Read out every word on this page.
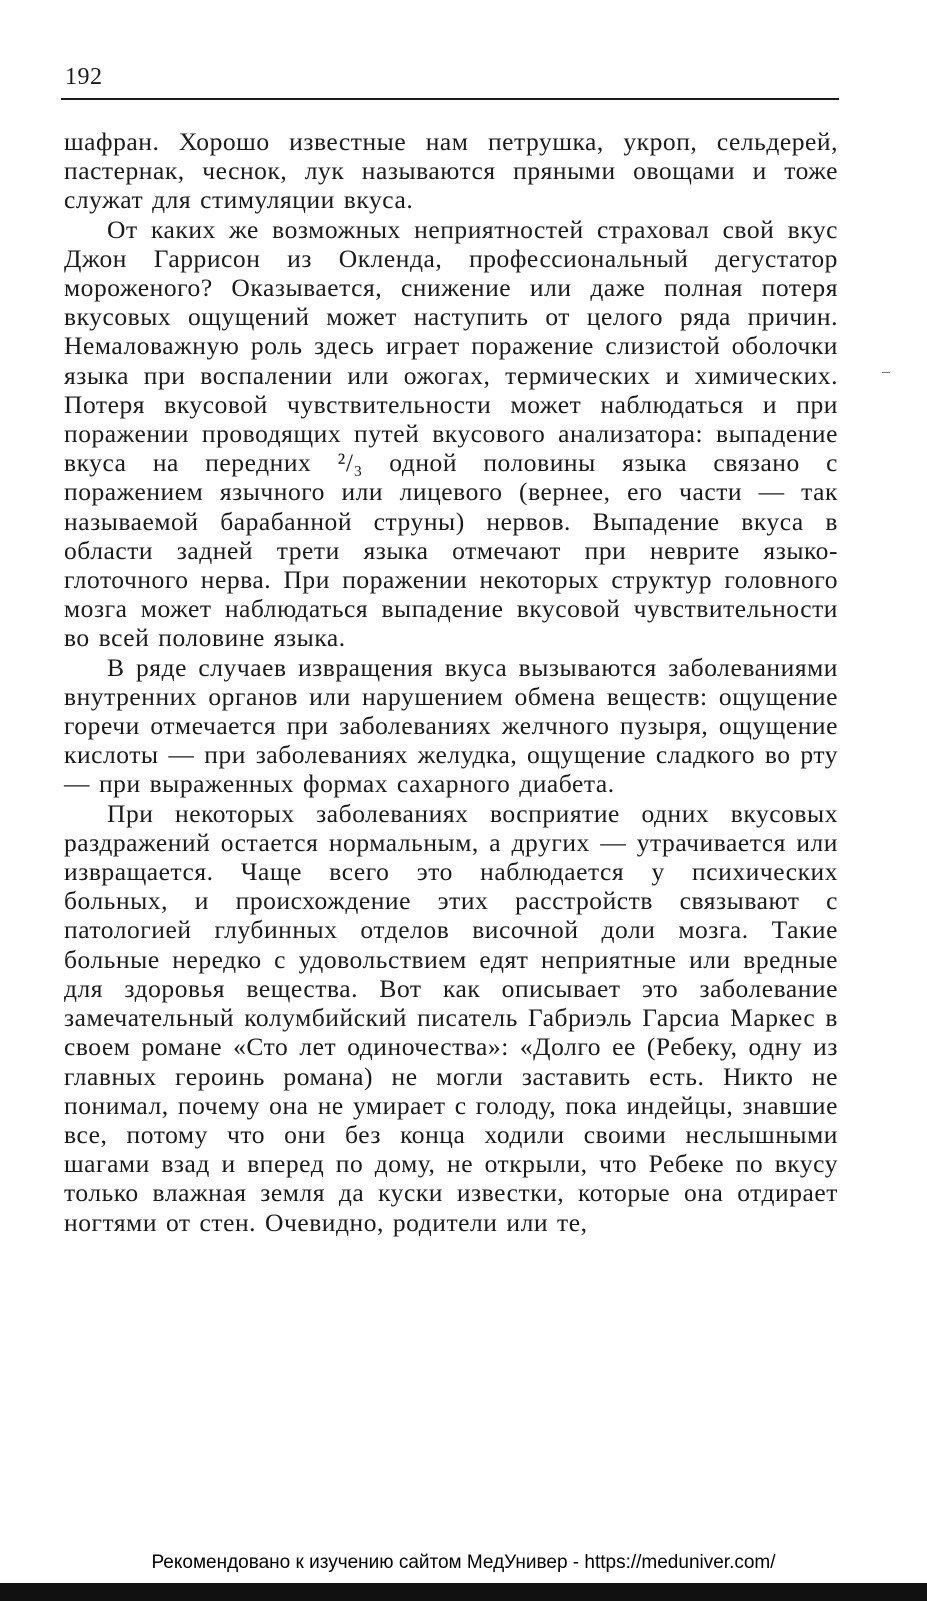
192

шафран. Хорошо известные нам петрушка, укроп, сельдерей, пастернак, чеснок, лук называются пряными овощами и тоже служат для стимуляции вкуса.

От каких же возможных неприятностей страховал свой вкус Джон Гаррисон из Окленда, профессиональный дегустатор мороженого? Оказывается, снижение или даже полная потеря вкусовых ощущений может наступить от целого ряда причин. Немаловажную роль здесь играет поражение слизистой оболочки языка при воспалении или ожогах, термических и химических. Потеря вкусовой чувствительности может наблюдаться и при поражении проводящих путей вкусового анализатора: выпадение вкуса на передних ²/₃ одной половины языка связано с поражением язычного или лицевого (вернее, его части — так называемой барабанной струны) нервов. Выпадение вкуса в области задней трети языка отмечают при неврите языко-глоточного нерва. При поражении некоторых структур головного мозга может наблюдаться выпадение вкусовой чувствительности во всей половине языка.

В ряде случаев извращения вкуса вызываются заболеваниями внутренних органов или нарушением обмена веществ: ощущение горечи отмечается при заболеваниях желчного пузыря, ощущение кислоты — при заболеваниях желудка, ощущение сладкого во рту — при выраженных формах сахарного диабета.

При некоторых заболеваниях восприятие одних вкусовых раздражений остается нормальным, а других — утрачивается или извращается. Чаще всего это наблюдается у психических больных, и происхождение этих расстройств связывают с патологией глубинных отделов височной доли мозга. Такие больные нередко с удовольствием едят неприятные или вредные для здоровья вещества. Вот как описывает это заболевание замечательный колумбийский писатель Габриэль Гарсиа Маркес в своем романе «Сто лет одиночества»: «Долго ее (Ребеку, одну из главных героинь романа) не могли заставить есть. Никто не понимал, почему она не умирает с голоду, пока индейцы, знавшие все, потому что они без конца ходили своими неслышными шагами взад и вперед по дому, не открыли, что Ребеке по вкусу только влажная земля да куски известки, которые она отдирает ногтями от стен. Очевидно, родители или те,

Рекомендовано к изучению сайтом МедУнивер - https://meduniver.com/
